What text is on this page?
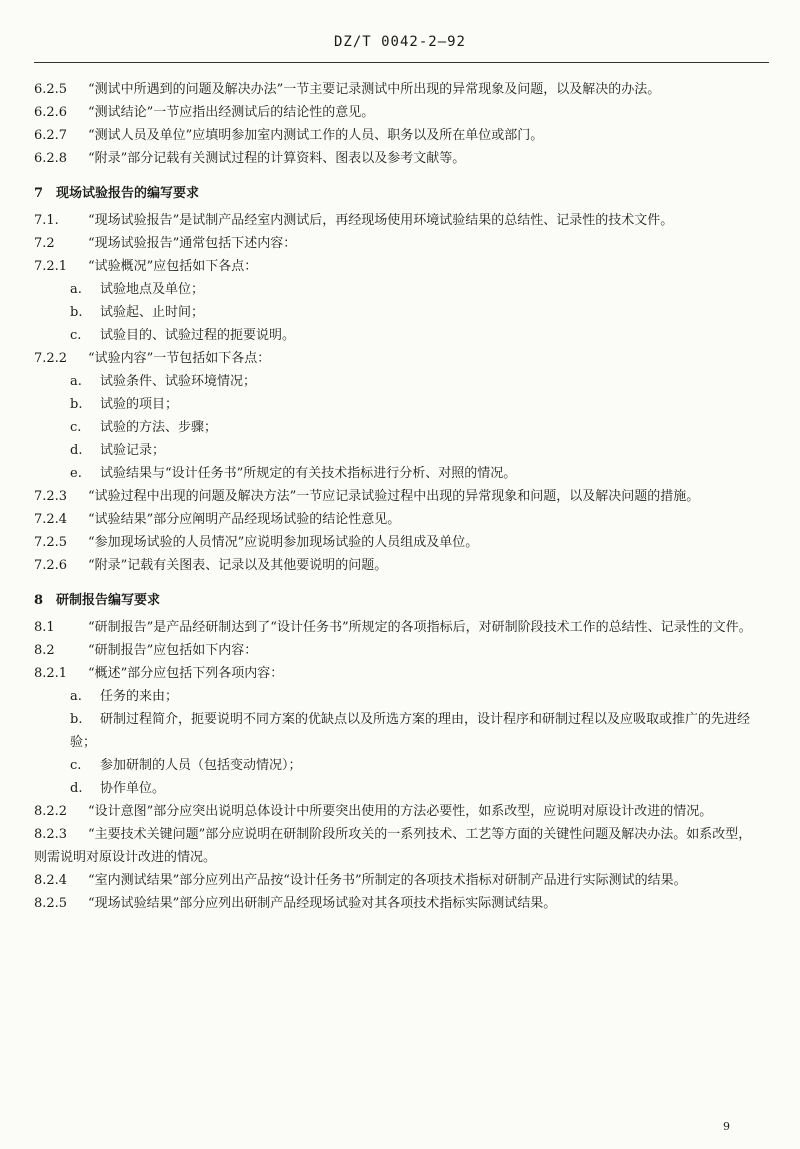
DZ/T 0042-2—92

6.2.5 “测试中所遇到的问题及解决办法”一节主要记录测试中所出现的异常现象及问题，以及解决的办法。

6.2.6 “测试结论”一节应指出经测试后的结论性的意见。

6.2.7 “测试人员及单位”应填明参加室内测试工作的人员、职务以及所在单位或部门。

6.2.8 “附录”部分记载有关测试过程的计算资料、图表以及参考文献等。

7　现场试验报告的编写要求

7.1. “现场试验报告”是试制产品经室内测试后，再经现场使用环境试验结果的总结性、记录性的技术文件。

7.2	“现场试验报告”通常包括下述内容：

7.2.1 “试验概况”应包括如下各点：

a. 试验地点及单位；

b. 试验起、止时间；

c. 试验目的、试验过程的扼要说明。

7.2.2 “试验内容”一节包括如下各点：

a. 试验条件、试验环境情况；

b. 试验的项目；

c. 试验的方法、步骤；

d. 试验记录；

e. 试验结果与“设计任务书”所规定的有关技术指标进行分析、对照的情况。

7.2.3 “试验过程中出现的问题及解决方法”一节应记录试验过程中出现的异常现象和问题，以及解决问题的措施。

7.2.4 “试验结果”部分应阐明产品经现场试验的结论性意见。

7.2.5 “参加现场试验的人员情况”应说明参加现场试验的人员组成及单位。

7.2.6 “附录”记载有关图表、记录以及其他要说明的问题。

8　研制报告编写要求

8.1	“研制报告”是产品经研制达到了“设计任务书”所规定的各项指标后，对研制阶段技术工作的总结性、记录性的文件。

8.2	“研制报告”应包括如下内容：

8.2.1 “概述”部分应包括下列各项内容：

a. 任务的来由；

b. 研制过程简介，扼要说明不同方案的优缺点以及所选方案的理由，设计程序和研制过程以及应吸取或推广的先进经验；

c. 参加研制的人员（包括变动情况）；

d. 协作单位。

8.2.2 “设计意图”部分应突出说明总体设计中所要突出使用的方法必要性，如系改型，应说明对原设计改进的情况。

8.2.3 “主要技术关键问题”部分应说明在研制阶段所攻关的一系列技术、工艺等方面的关键性问题及解决办法。如系改型，则需说明对原设计改进的情况。

8.2.4 “室内测试结果”部分应列出产品按“设计任务书”所制定的各项技术指标对研制产品进行实际测试的结果。

8.2.5 “现场试验结果”部分应列出研制产品经现场试验对其各项技术指标实际测试结果。

9
